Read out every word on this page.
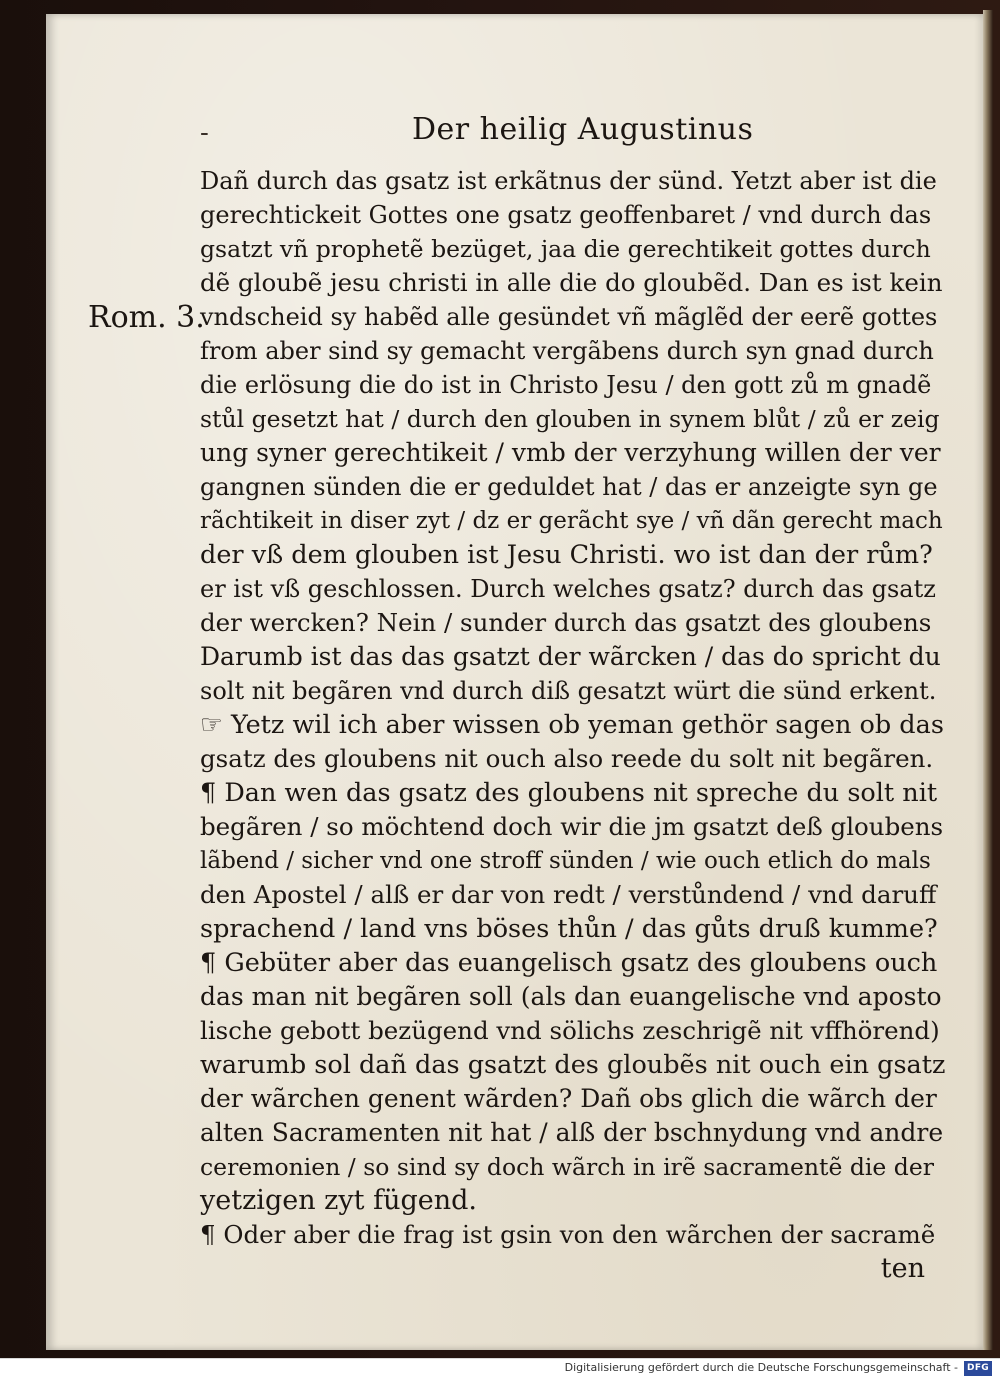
-	Der heilig Augustinus
Rom. 3.
Dañ durch das gsatz ist erkãtnus der sünd. Yetzt aber ist die
gerechtickeit Gottes one gsatz geoffenbaret / vnd durch das
gsatzt vñ prophetẽ bezüget, jaa die gerechtikeit gottes durch
dẽ gloubẽ jesu christi in alle die do gloubẽd. Dan es ist kein
vndscheid sy habẽd alle gesündet vñ mãglẽd der eerẽ gottes
from aber sind sy gemacht vergãbens durch syn gnad durch
die erlösung die do ist in Christo Jesu / den gott zů m gnadẽ
stůl gesetzt hat / durch den glouben in synem blůt / zů er zeig
ung syner gerechtikeit / vmb der verzyhung willen der ver
gangnen sünden die er geduldet hat / das er anzeigte syn ge
rãchtikeit in diser zyt / dz er gerãcht sye / vñ dãn gerecht mach
der vß dem glouben ist Jesu Christi. wo ist dan der rům?
er ist vß geschlossen. Durch welches gsatz? durch das gsatz
der wercken? Nein / sunder durch das gsatzt des gloubens
Darumb ist das das gsatzt der wãrcken / das do spricht du
solt nit begãren vnd durch diß gesatzt würt die sünd erkent.
☞ Yetz wil ich aber wissen ob yeman gethör sagen ob das
gsatz des gloubens nit ouch also reede du solt nit begãren.
¶ Dan wen das gsatz des gloubens nit spreche du solt nit
begãren / so möchtend doch wir die jm gsatzt deß gloubens
lãbend / sicher vnd one stroff sünden / wie ouch etlich do mals
den Apostel / alß er dar von redt / verstůndend / vnd daruff
sprachend / land vns böses thůn / das gůts druß kumme?
¶ Gebüter aber das euangelisch gsatz des gloubens ouch
das man nit begãren soll (als dan euangelische vnd aposto
lische gebott bezügend vnd sölichs zeschrigẽ nit vffhörend)
warumb sol dañ das gsatzt des gloubẽs nit ouch ein gsatz
der wãrchen genent wãrden? Dañ obs glich die wãrch der
alten Sacramenten nit hat / alß der bschnydung vnd andre
ceremonien / so sind sy doch wãrch in irẽ sacramentẽ die der
yetzigen zyt fügend.
¶ Oder aber die frag ist gsin von den wãrchen der sacramẽ
ten
Digitalisierung gefördert durch die Deutsche Forschungsgemeinschaft -	DFG
